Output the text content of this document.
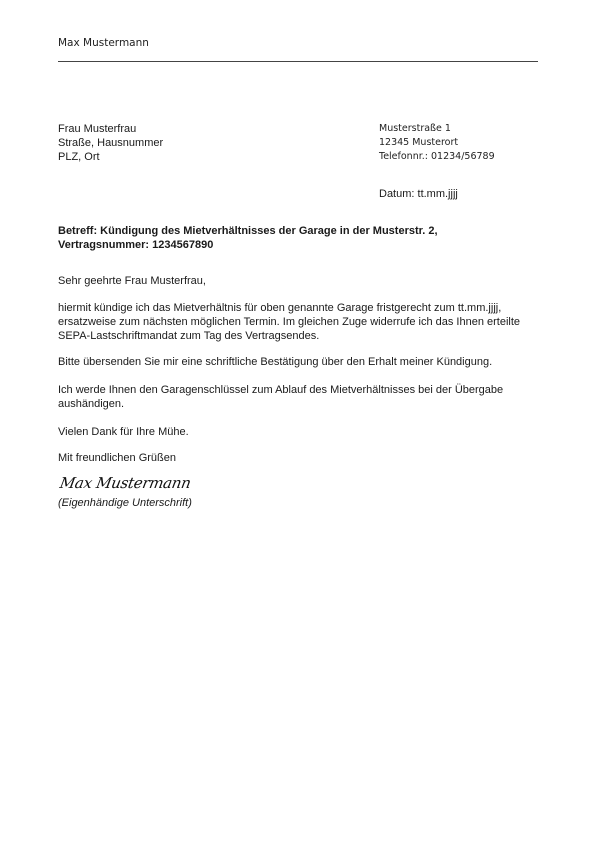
Max Mustermann
Frau Musterfrau
Straße, Hausnummer
PLZ, Ort
Musterstraße 1
12345 Musterort
Telefonnr.: 01234/56789
Datum: tt.mm.jjjj
Betreff: Kündigung des Mietverhältnisses der Garage in der Musterstr. 2,
Vertragsnummer: 1234567890

Sehr geehrte Frau Musterfrau,

hiermit kündige ich das Mietverhältnis für oben genannte Garage fristgerecht zum tt.mm.jjjj,
ersatzweise zum nächsten möglichen Termin. Im gleichen Zuge widerrufe ich das Ihnen erteilte
SEPA-Lastschriftmandat zum Tag des Vertragsendes.

Bitte übersenden Sie mir eine schriftliche Bestätigung über den Erhalt meiner Kündigung.

Ich werde Ihnen den Garagenschlüssel zum Ablauf des Mietverhältnisses bei der Übergabe
aushändigen.

Vielen Dank für Ihre Mühe.

Mit freundlichen Grüßen

Max Mustermann
(Eigenhändige Unterschrift)
